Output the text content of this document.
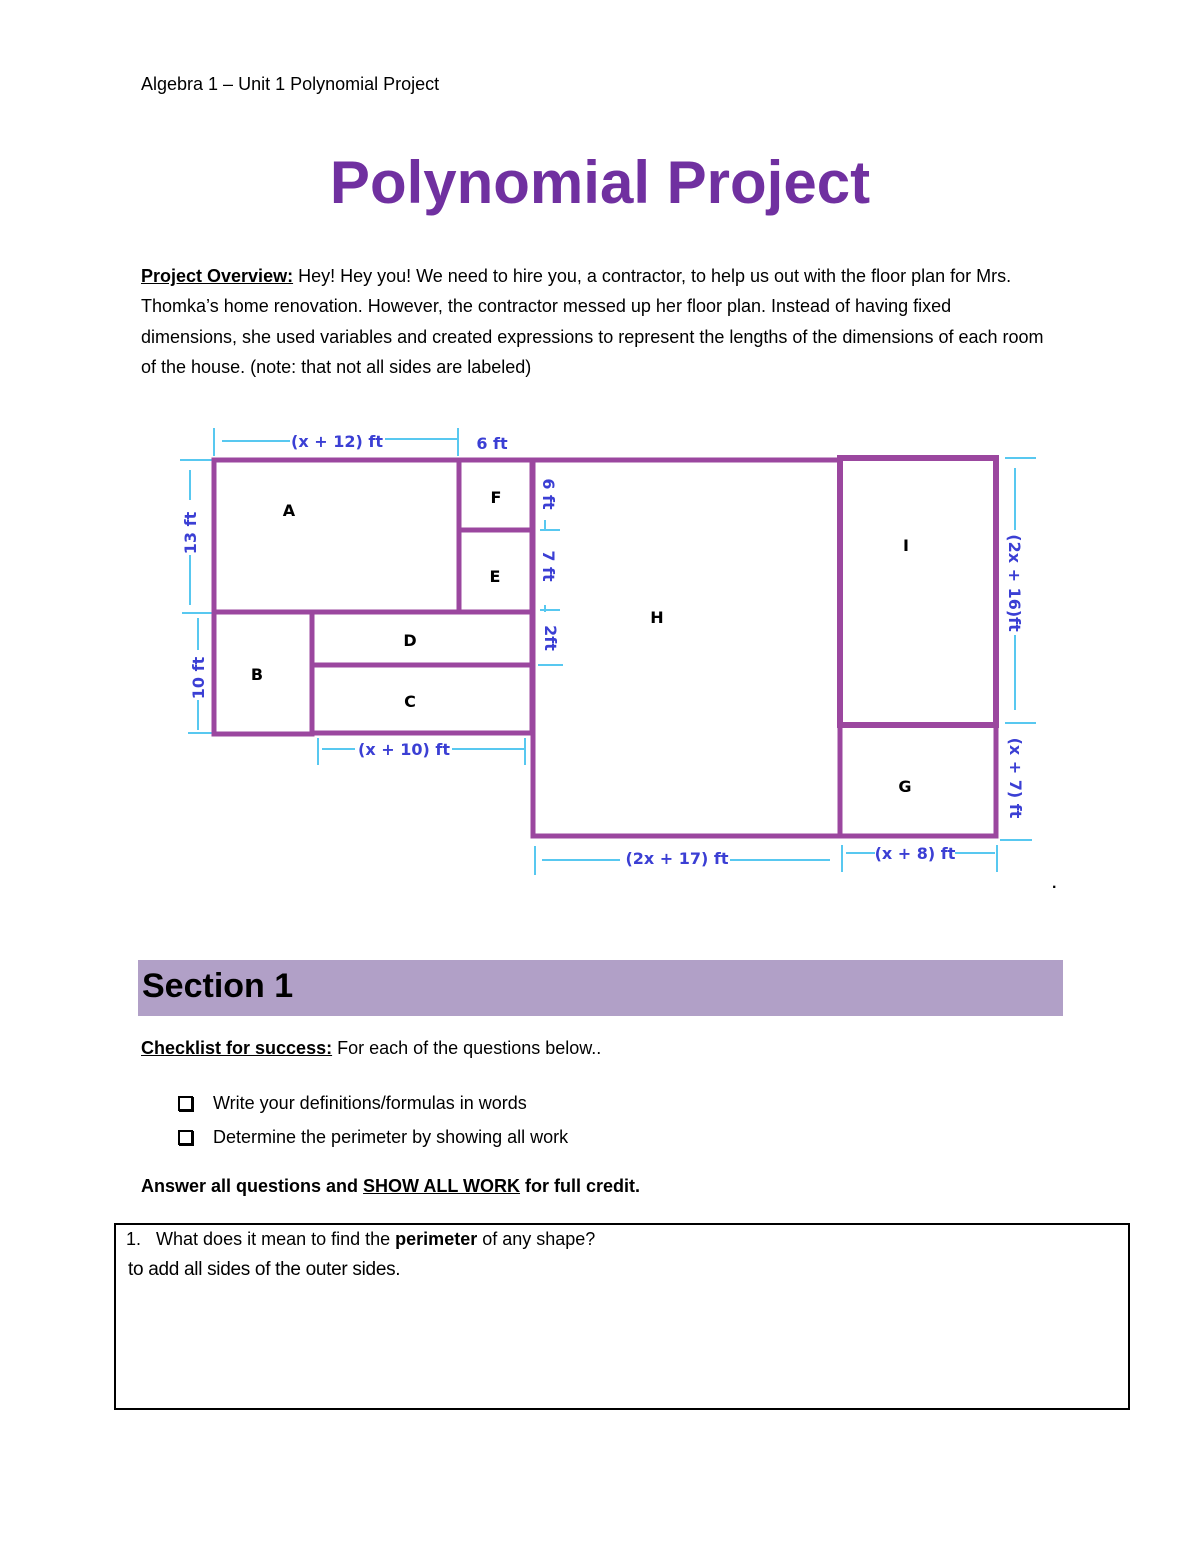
Algebra 1 – Unit 1 Polynomial Project
Polynomial Project
Project Overview: Hey! Hey you! We need to hire you, a contractor, to help us out with the floor plan for Mrs. Thomka’s home renovation. However, the contractor messed up her floor plan. Instead of having fixed dimensions, she used variables and created expressions to represent the lengths of the dimensions of each room of the house. (note: that not all sides are labeled)
A
B
C
D
E
F
G
H
I
(x + 12) ft	6 ft
13 ft
10 ft
6 ft
7 ft
2ft
(x + 10) ft
(2x + 17) ft	(x + 8) ft
(2x + 16)ft
(x + 7) ft
.
Section 1
Checklist for success: For each of the questions below..
Write your definitions/formulas in words
Determine the perimeter by showing all work
Answer all questions and SHOW ALL WORK for full credit.
1. What does it mean to find the perimeter of any shape?
to add all sides of the outer sides.
